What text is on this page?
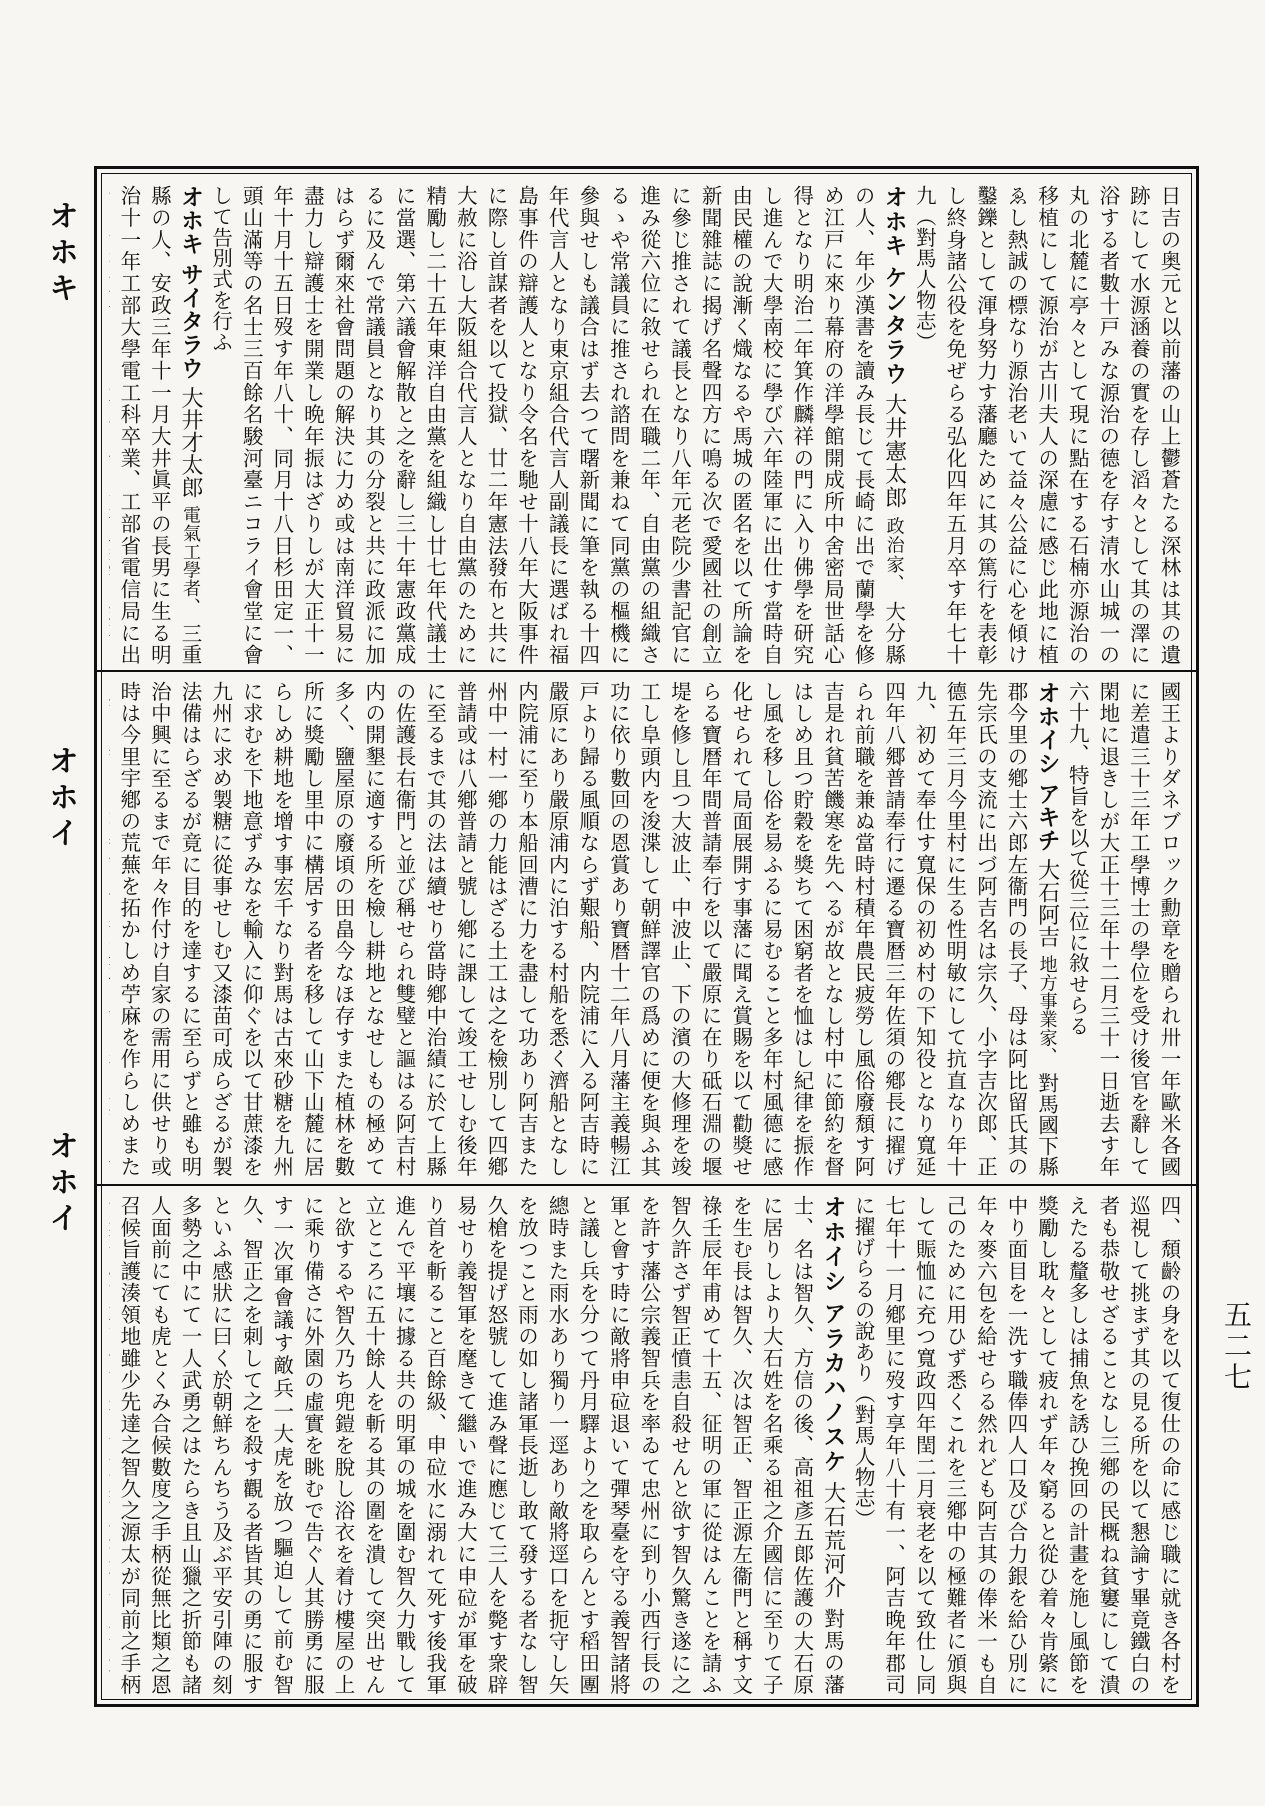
オホキ
オホイ
オホイ
五二七

日吉の奥元と以前藩の山上鬱蒼たる深林は其の遺跡にして水源涵養の實を存し滔々として其の澤に浴する者數十戸みな源治の德を存す清水山城一の丸の北麓に亭々として現に點在する石楠亦源治の移植にして源治が古川夫人の深慮に感じ此地に植ゑし熱誠の標なり源治老いて益々公益に心を傾け鑿鑠として渾身努力す藩廳ために其の篤行を表彰し終身諸公役を免ぜらる弘化四年五月卒す年七十九（對馬人物志）

オホキ ケンタラウ 大井憲太郎 政治家、 大分縣の人、年少漢書を讀み長じて長崎に出で蘭學を修め江戸に來り幕府の洋學館開成所中舍密局世話心得となり明治二年箕作麟祥の門に入り佛學を研究し進んで大學南校に學び六年陸軍に出仕す當時自由民權の說漸く熾なるや馬城の匿名を以て所論を新聞雜誌に揭げ名聲四方に鳴る次で愛國社の創立に參じ推されて議長となり八年元老院少書記官に進み從六位に敘せられ在職二年、自由黨の組織さるゝや常議員に推され諮問を兼ねて同黨の樞機に參與せしも議合はず去つて曙新聞に筆を執る十四年代言人となり東京組合代言人副議長に選ばれ福島事件の辯護人となり令名を馳せ十八年大阪事件に際し首謀者を以て投獄、廿二年憲法發布と共に大赦に浴し大阪組合代言人となり自由黨のために精勵し二十五年東洋自由黨を組織し廿七年代議士に當選、第六議會解散と之を辭し三十年憲政黨成るに及んで常議員となり其の分裂と共に政派に加はらず爾來社會問題の解決に力め或は南洋貿易に盡力し辯護士を開業し晩年振はざりしが大正十一年十月十五日歿す年八十、同月十八日杉田定一、頭山滿等の名士三百餘名駿河臺ニコライ會堂に會して告別式を行ふ

オホキ サイタラウ 大井才太郎 電氣工學者、 三重縣の人、安政三年十一月大井眞平の長男に生る明治十一年工部大學電工科卒業、工部省電信局に出

國王よりダネブロック勳章を贈られ卅一年歐米各國に差遣三十三年工學博士の學位を受け後官を辭して閑地に退きしが大正十三年十二月三十一日逝去す年六十九、特旨を以て從三位に敘せらる

オホイシ アキチ 大石阿吉 地方事業家、 對馬國下縣郡今里の鄕士六郎左衞門の長子、母は阿比留氏其の先宗氏の支流に出づ阿吉名は宗久、小字吉次郎、正德五年三月今里村に生る性明敏にして抗直なり年十九、初めて奉仕す寬保の初め村の下知役となり寬延四年八郷普請奉行に遷る寶暦三年佐須の鄕長に擢げられ前職を兼ぬ當時村積年農民疲勞し風俗廢頹す阿吉是れ貧苦饑寒を先へるが故となし村中に節約を督はしめ且つ貯穀を獎ちて困窮者を恤はし紀律を振作し風を移し俗を易ふるに易むること多年村風德に感化せられて局面展開す事藩に聞え賞賜を以て勸獎せらる寶暦年間普請奉行を以て嚴原に在り砥石淵の堰堤を修し且つ大波止、中波止、下の濱の大修理を竣工し阜頭内を浚渫して朝鮮譯官の爲めに便を與ふ其功に依り數回の恩賞あり寶暦十二年八月藩主義暢江戸より歸る風順ならず艱船、内院浦に入る阿吉時に嚴原にあり嚴原浦内に泊する村船を悉く濟船となし内院浦に至り本船回漕に力を盡して功あり阿吉また州中一村一鄕の力能はざる土工は之を檢別して四鄕普請或は八鄕普請と號し鄕に課して竣工せしむ後年に至るまで其の法は續せり當時鄕中治績に於て上縣の佐護長右衞門と並び稱せられ雙璧と謳はる阿吉村内の開墾に適する所を檢し耕地となせしもの極めて多く、鹽屋原の廢頃の田畠今なほ存すまた植林を數所に獎勵し里中に構居する者を移して山下山麓に居らしめ耕地を增す事宏千なり對馬は古來砂糖を九州に求むを下地意ずみなを輸入に仰ぐを以て甘蔗漆を九州に求め製糖に從事せしむ又漆苗可成らざるが製法備はらざるが竟に目的を達するに至らずと雖も明治中興に至るまで年々作付け自家の需用に供せり或時は今里宇鄕の荒蕪を拓かしめ苧麻を作らしめまた

四、頹齡の身を以て復仕の命に感じ職に就き各村を巡視して挑まず其の見る所を以て懇論す畢竟鐵白の者も恭敬せざることなし三鄕の民概ね貧窶にして潰えたる釐多しは捕魚を誘ひ挽回の計畫を施し風節を獎勵し耽々として疲れず年々窮ると從ひ着々肯綮に中り面目を一洗す職俸四人口及び合力銀を給ひ別に年々麥六包を給せらる然れども阿吉其の俸米一も自己のために用ひず悉くこれを三鄕中の極難者に頒與して賑恤に充つ寬政四年閏二月衰老を以て致仕し同七年十一月鄕里に歿す享年八十有一、阿吉晚年郡司に擢げらるの說あり（對馬人物志）

オホイシ アラカハノスケ 大石荒河介 對馬の藩士、名は智久、方信の後、高祖彥五郞佐護の大石原に居りしより大石姓を名乘る祖之介國信に至りて子を生む長は智久、次は智正、智正源左衞門と稱す文祿壬辰年甫めて十五、征明の軍に從はんことを請ふ智久許さず智正憤恚自殺せんと欲す智久驚き遂に之を許す藩公宗義智兵を率ゐて忠州に到り小西行長の軍と會す時に敵將申砬退いて彈琴臺を守る義智諸將と議し兵を分つて丹月驛より之を取らんとす稻田團總時また雨水あり獨り一逕あり敵將逕口を扼守し矢を放つこと雨の如し諸軍長逝し敢て發する者なし智久槍を提げ怒號して進み聲に應じて三人を斃す衆辟易せり義智軍を麾きて繼いで進み大に申砬が軍を破り首を斬ること百餘級、申砬水に溺れて死す後我軍進んで平壤に據る共の明軍の城を圍む智久力戰して立ところに五十餘人を斬る其の圍を潰して突出せんと欲するや智久乃ち兜鎧を脫し浴衣を着け樓屋の上に乘り備さに外園の虛實を眺むで告ぐ人其勝勇に服す一次軍會議す敵兵一大虎を放つ驅迫して前む智久、智正之を刺して之を殺す觀る者皆其の勇に服すといふ感狀に曰く於朝鮮ちんちう及ぶ平安引陣の刻多勢之中にて一人武勇之はたらき且山獵之折節も諸人面前にても虎とくみ合候數度之手柄從無比類之恩召候旨護湊領地雖少先達之智久之源太が同前之手柄
